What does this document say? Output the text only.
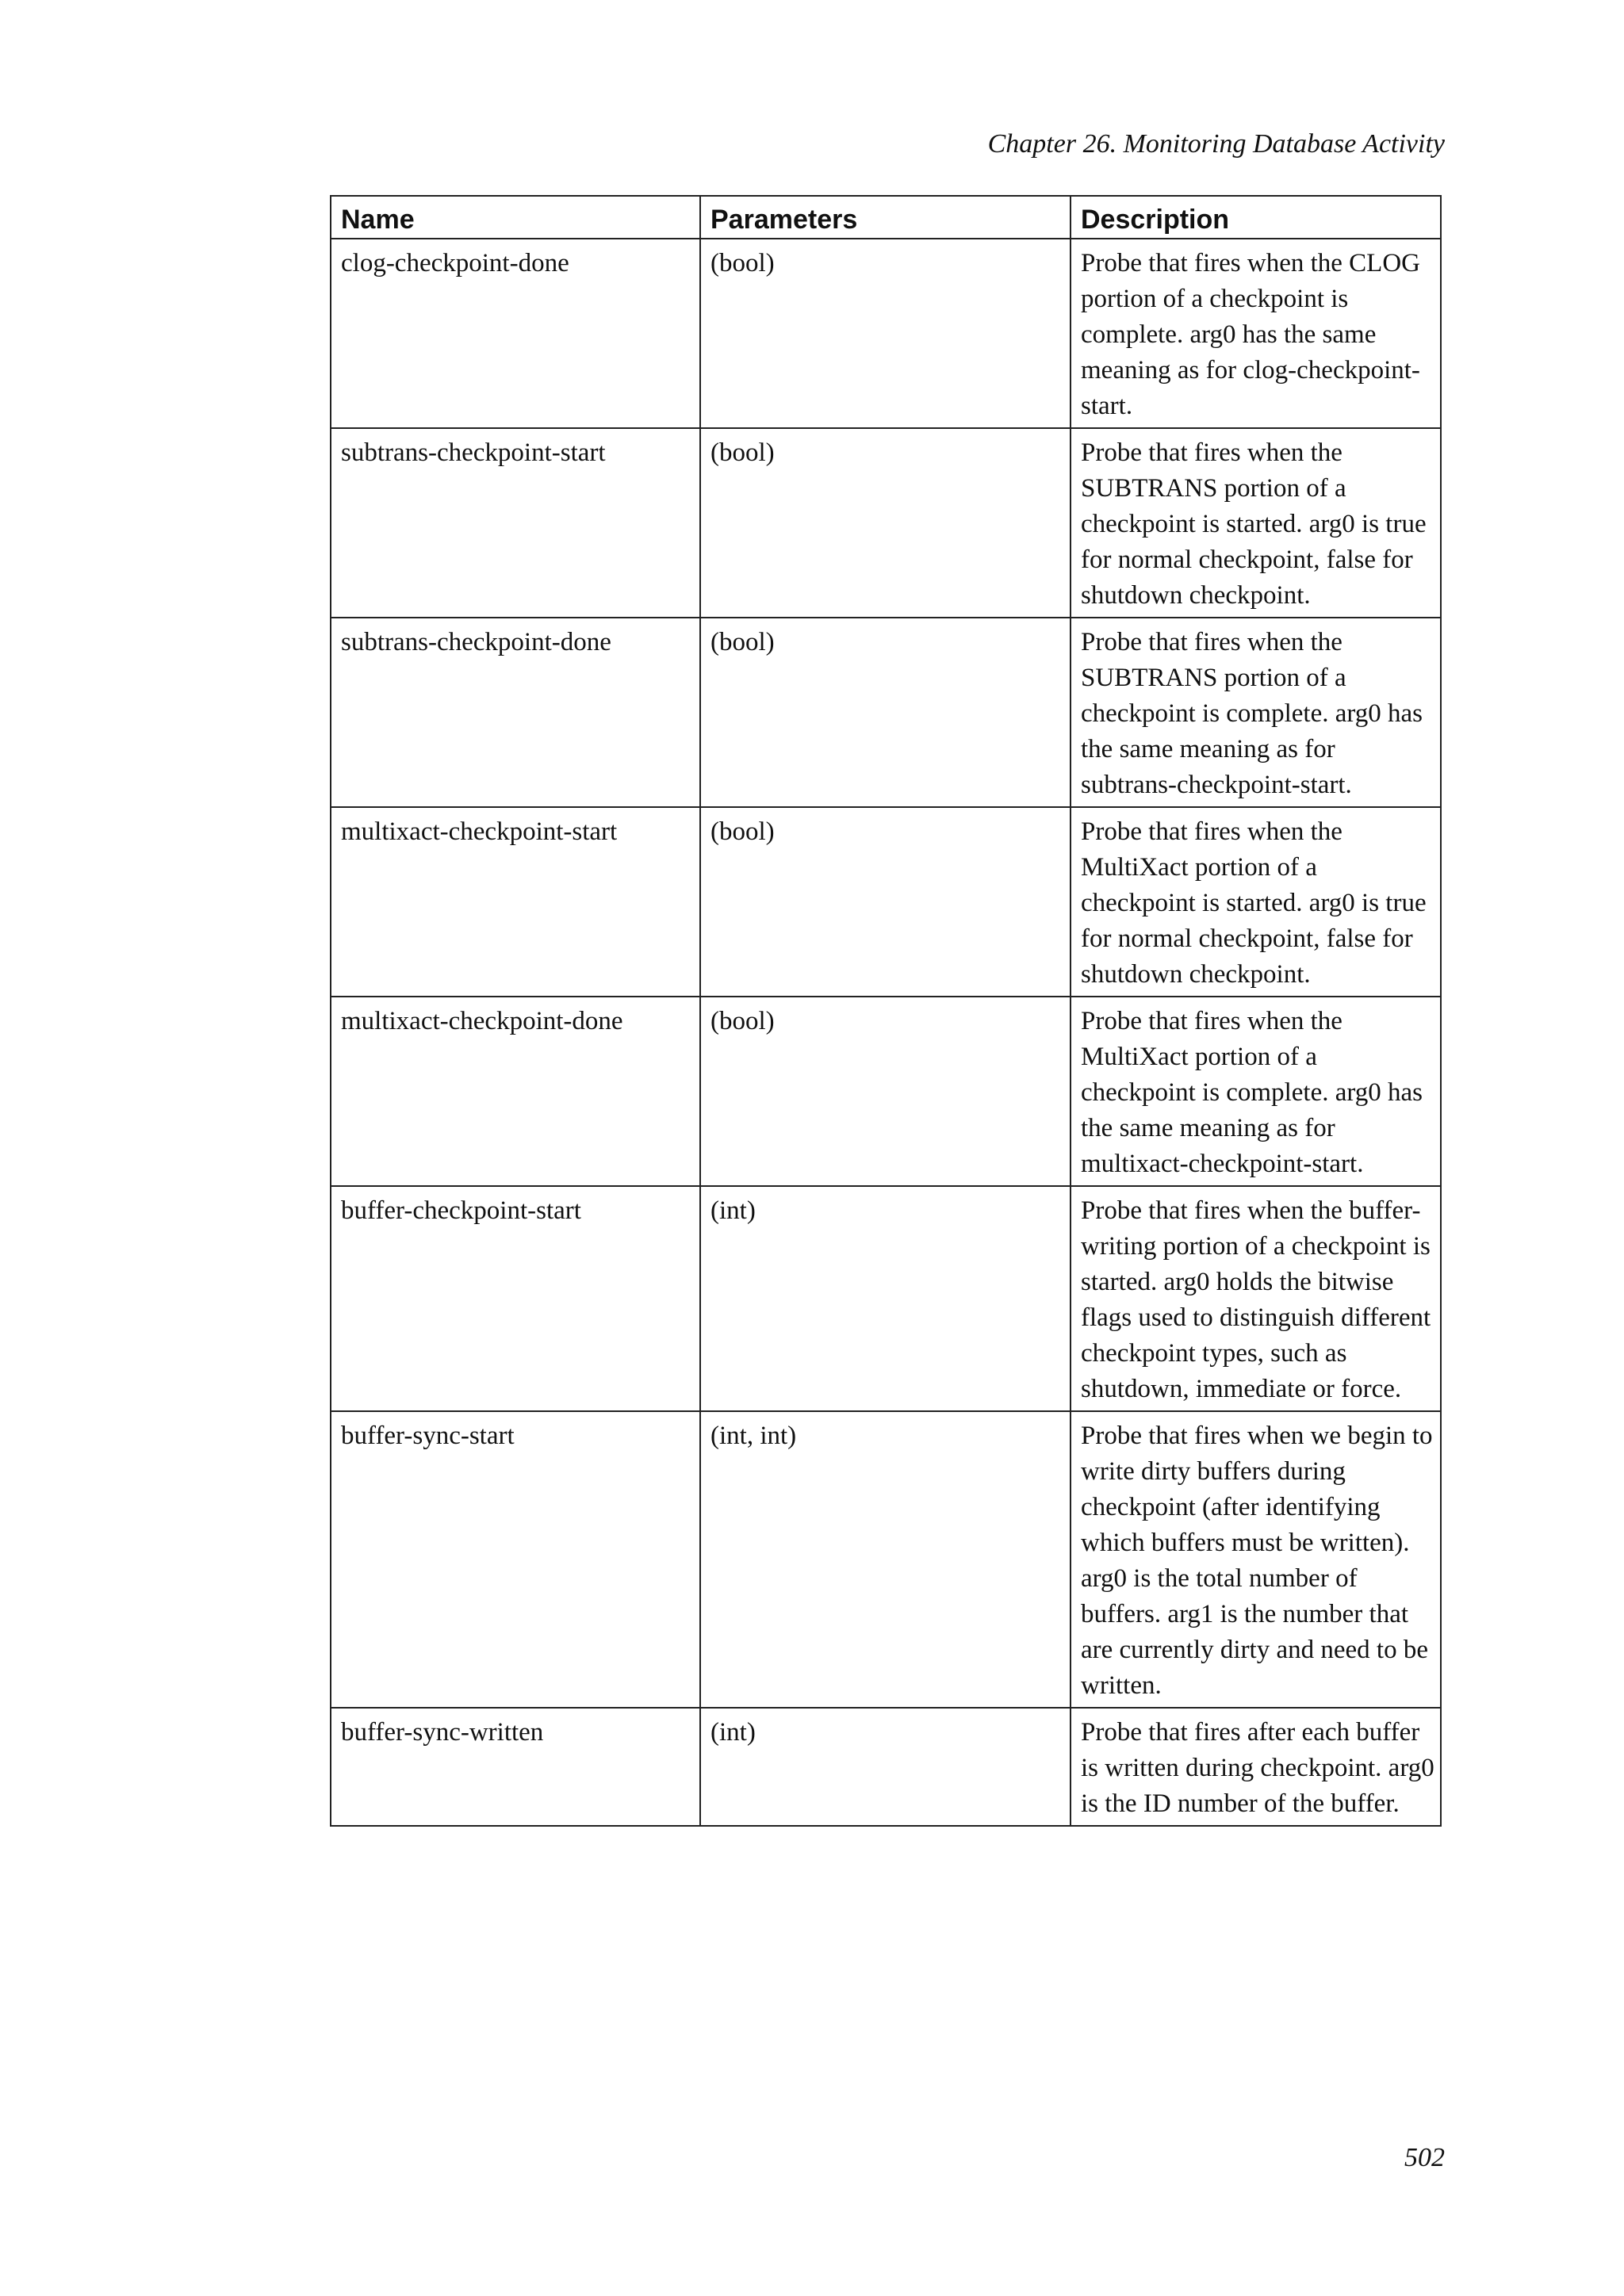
Chapter 26. Monitoring Database Activity
Name	Parameters	Description
clog-checkpoint-done	(bool)	Probe that fires when the CLOG portion of a checkpoint is complete. arg0 has the same meaning as for clog-checkpoint-start.
subtrans-checkpoint-start	(bool)	Probe that fires when the SUBTRANS portion of a checkpoint is started. arg0 is true for normal checkpoint, false for shutdown checkpoint.
subtrans-checkpoint-done	(bool)	Probe that fires when the SUBTRANS portion of a checkpoint is complete. arg0 has the same meaning as for subtrans-checkpoint-start.
multixact-checkpoint-start	(bool)	Probe that fires when the MultiXact portion of a checkpoint is started. arg0 is true for normal checkpoint, false for shutdown checkpoint.
multixact-checkpoint-done	(bool)	Probe that fires when the MultiXact portion of a checkpoint is complete. arg0 has the same meaning as for multixact-checkpoint-start.
buffer-checkpoint-start	(int)	Probe that fires when the buffer-writing portion of a checkpoint is started. arg0 holds the bitwise flags used to distinguish different checkpoint types, such as shutdown, immediate or force.
buffer-sync-start	(int, int)	Probe that fires when we begin to write dirty buffers during checkpoint (after identifying which buffers must be written). arg0 is the total number of buffers. arg1 is the number that are currently dirty and need to be written.
buffer-sync-written	(int)	Probe that fires after each buffer is written during checkpoint. arg0 is the ID number of the buffer.
502
